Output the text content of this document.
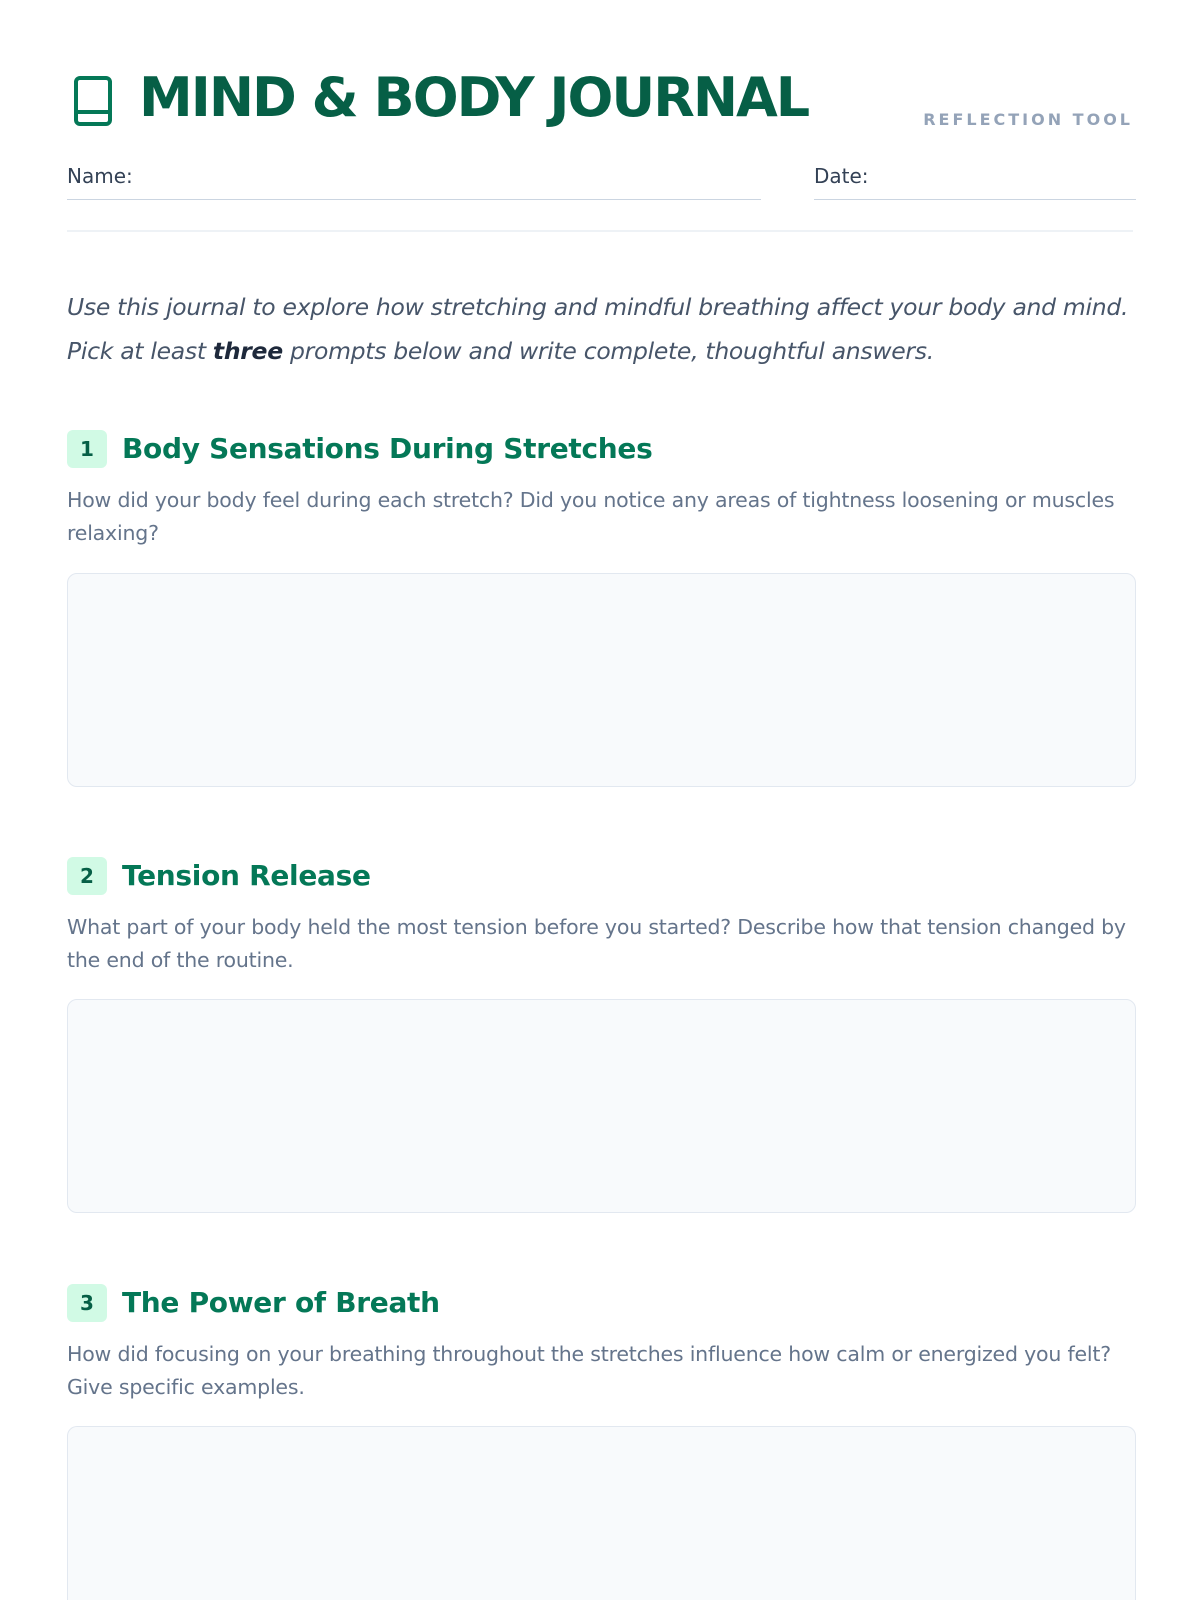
MIND & BODY JOURNAL	REFLECTION TOOL
Name:	Date:

Use this journal to explore how stretching and mindful breathing affect your body and mind. Pick at least three prompts below and write complete, thoughtful answers.

1	Body Sensations During Stretches

How did your body feel during each stretch? Did you notice any areas of tightness loosening or muscles relaxing?

2	Tension Release

What part of your body held the most tension before you started? Describe how that tension changed by the end of the routine.

3	The Power of Breath

How did focusing on your breathing throughout the stretches influence how calm or energized you felt? Give specific examples.
